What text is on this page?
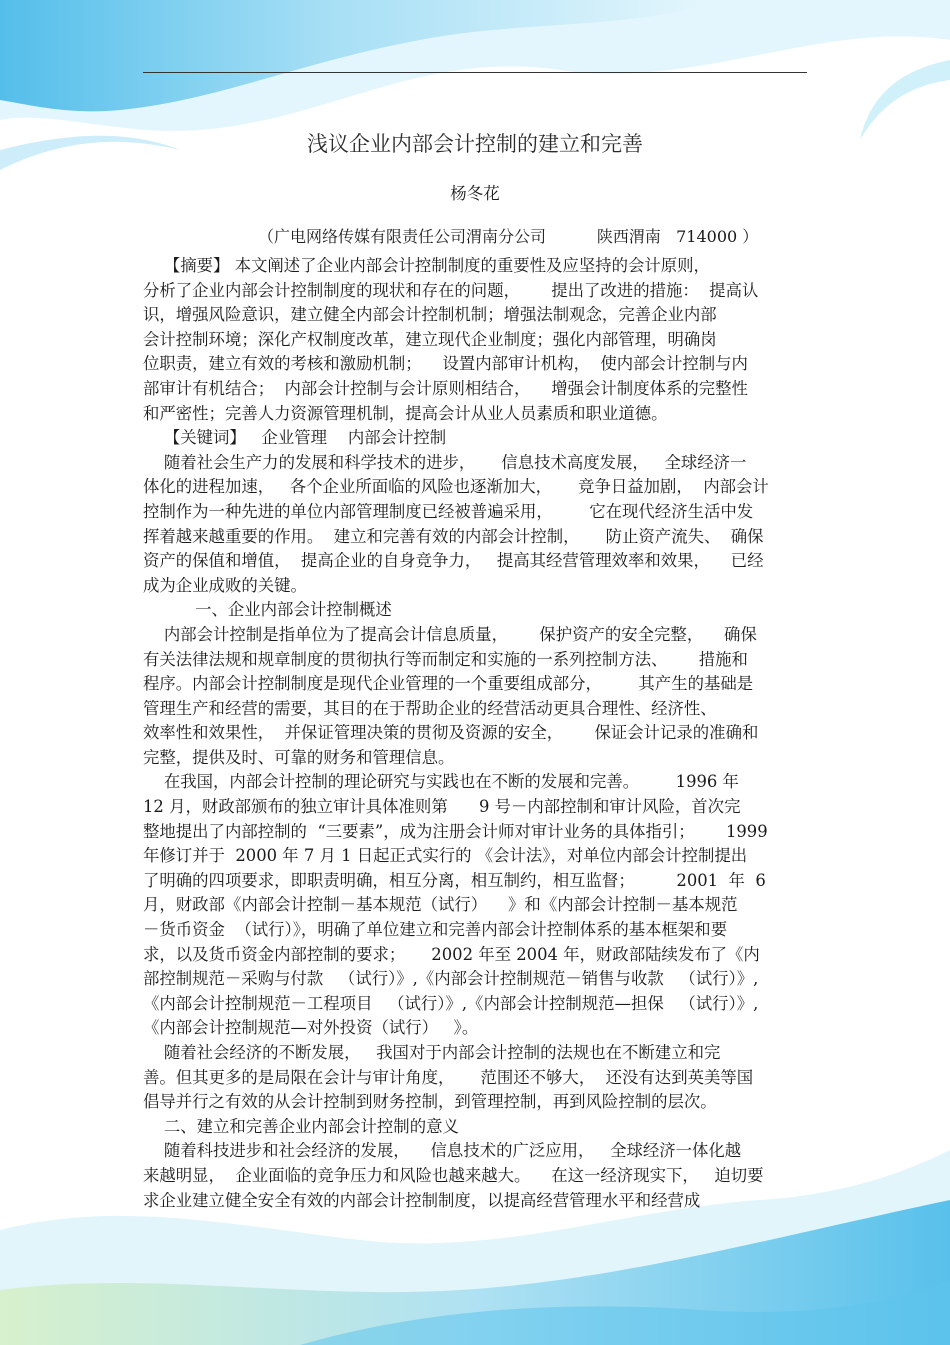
浅议企业内部会计控制的建立和完善
杨冬花
（广电网络传媒有限责任公司渭南分公司          陕西渭南   714000 ）
【摘要】 本文阐述了企业内部会计控制制度的重要性及应坚持的会计原则，
分析了企业内部会计控制制度的现状和存在的问题，      提出了改进的措施：  提高认
识，增强风险意识，建立健全内部会计控制机制；增强法制观念，完善企业内部
会计控制环境；深化产权制度改革，建立现代企业制度；强化内部管理，明确岗
位职责，建立有效的考核和激励机制；    设置内部审计机构，  使内部会计控制与内
部审计有机结合；  内部会计控制与会计原则相结合，    增强会计制度体系的完整性
和严密性；完善人力资源管理机制，提高会计从业人员素质和职业道德。
【关键词】   企业管理    内部会计控制
随着社会生产力的发展和科学技术的进步，     信息技术高度发展，   全球经济一
体化的进程加速，   各个企业所面临的风险也逐渐加大，     竞争日益加剧，  内部会计
控制作为一种先进的单位内部管理制度已经被普遍采用，       它在现代经济生活中发
挥着越来越重要的作用。  建立和完善有效的内部会计控制，     防止资产流失、  确保
资产的保值和增值，  提高企业的自身竞争力，   提高其经营管理效率和效果，    已经
成为企业成败的关键。
一、企业内部会计控制概述
内部会计控制是指单位为了提高会计信息质量，      保护资产的安全完整，    确保
有关法律法规和规章制度的贯彻执行等而制定和实施的一系列控制方法、      措施和
程序。内部会计控制制度是现代企业管理的一个重要组成部分，       其产生的基础是
管理生产和经营的需要，其目的在于帮助企业的经营活动更具合理性、经济性、
效率性和效果性，  并保证管理决策的贯彻及资源的安全，      保证会计记录的准确和
完整，提供及时、可靠的财务和管理信息。
在我国，内部会计控制的理论研究与实践也在不断的发展和完善。       1996 年
12 月，财政部颁布的独立审计具体准则第      9 号－内部控制和审计风险，首次完
整地提出了内部控制的  “三要素”，成为注册会计师对审计业务的具体指引；      1999
年修订并于  2000 年 7 月 1 日起正式实行的 《会计法》，对单位内部会计控制提出
了明确的四项要求，即职责明确，相互分离，相互制约，相互监督；        2001  年  6
月，财政部《内部会计控制－基本规范（试行）    》和《内部会计控制－基本规范
－货币资金  （试行）》，明确了单位建立和完善内部会计控制体系的基本框架和要
求，以及货币资金内部控制的要求；     2002 年至 2004 年，财政部陆续发布了《内
部控制规范－采购与付款   （试行）》,《内部会计控制规范－销售与收款   （试行）》,
《内部会计控制规范－工程项目   （试行）》,《内部会计控制规范—担保   （试行）》,
《内部会计控制规范—对外投资（试行）   》。
随着社会经济的不断发展，   我国对于内部会计控制的法规也在不断建立和完
善。但其更多的是局限在会计与审计角度，     范围还不够大，  还没有达到英美等国
倡导并行之有效的从会计控制到财务控制，到管理控制，再到风险控制的层次。
二、建立和完善企业内部会计控制的意义
随着科技进步和社会经济的发展，    信息技术的广泛应用，   全球经济一体化越
来越明显，  企业面临的竞争压力和风险也越来越大。    在这一经济现实下，   迫切要
求企业建立健全安全有效的内部会计控制制度，以提高经营管理水平和经营成
